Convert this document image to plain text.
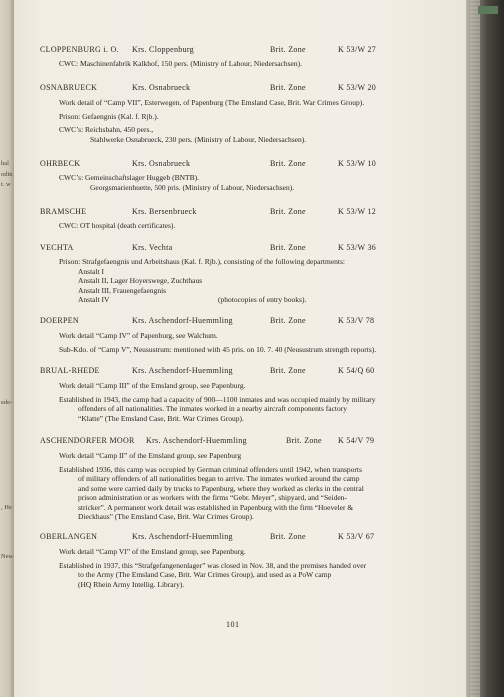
hal
odin
t. w
ede-
, He
Neu-
CLOPPENBURG i. O. Krs. Cloppenburg	Brit. Zone	K 53/W 27
CWC: Maschinenfabrik Kalkhof, 150 pers. (Ministry of Labour, Niedersachsen).
OSNABRUECK	Krs. Osnabrueck	Brit. Zone	K 53/W 20
Work detail of “Camp VII”, Esterwegen, of Papenburg (The Emsland Case, Brit. War Crimes Group).
Prison: Gefaengnis (Kal. f. Rjb.).
CWC’s: Reichsbahn, 450 pers.,
Stahlwerke Osnabrueck, 230 pers. (Ministry of Labour, Niedersachsen).
OHRBECK	Krs. Osnabrueck	Brit. Zone	K 53/W 10
CWC’s: Gemeinschaftslager Huggeb (BNTB).
Georgsmarienhuette, 500 pris. (Ministry of Labour, Niedersachsen).
BRAMSCHE	Krs. Bersenbrueck	Brit. Zone	K 53/W 12
CWC: OT hospital (death certificates).
VECHTA	Krs. Vechta	Brit. Zone	K 53/W 36
Prison: Strafgefaengnis und Arbeitshaus (Kal. f. Rjb.), consisting of the following departments:
Anstalt I
Anstalt II, Lager Hoyerswege, Zuchthaus
Anstalt III, Frauengefaengnis
Anstalt IV	(photocopies of entry books).
DOERPEN	Krs. Aschendorf-Huemmling	Brit. Zone	K 53/V 78
Work detail “Camp IV” of Papenburg, see Walchum.
Sub-Kdo. of “Camp V”, Neusustrum: mentioned with 45 pris. on 10. 7. 40 (Neusustrum strength reports).
BRUAL-RHEDE	Krs. Aschendorf-Huemmling	Brit. Zone	K 54/Q 60
Work detail “Camp III” of the Emsland group, see Papenburg.
Established in 1943, the camp had a capacity of 900—1100 inmates and was occupied mainly by military
offenders of all nationalities. The inmates worked in a nearby aircraft components factory
“Klatte” (The Emsland Case, Brit. War Crimes Group).
ASCHENDORFER MOOR Krs. Aschendorf-Huemmling	Brit. Zone K 54/V 79
Work detail “Camp II” of the Emsland group, see Papenburg
Established 1936, this camp was occupied by German criminal offenders until 1942, when transports
of military offenders of all nationalities began to arrive. The inmates worked around the camp
and some were carried daily by trucks to Papenburg, where they worked as clerks in the central
prison administration or as workers with the firms “Gebr. Meyer”, shipyard, and “Seiden-
stricker”. A permanent work detail was established in Papenburg with the firm “Hoeveler &
Dieckhaus” (The Emsland Case, Brit. War Crimes Group).
OBERLANGEN	Krs. Aschendorf-Huemmling	Brit. Zone	K 53/V 67
Work detail “Camp VI” of the Emsland group, see Papenburg.
Established in 1937, this “Strafgefangenenlager” was closed in Nov. 38, and the premises handed over
to the Army (The Emsland Case, Brit. War Crimes Group), and used as a PoW camp
(HQ Rhein Army Intellig. Library).
101
